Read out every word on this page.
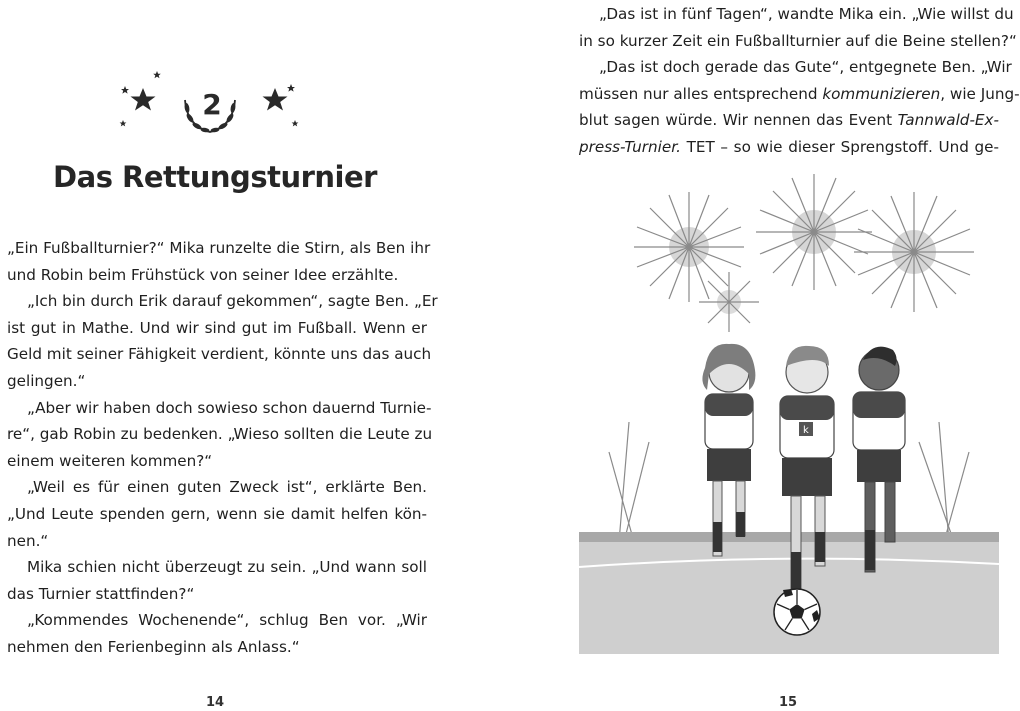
2
Das Rettungsturnier
„Ein Fußballturnier?“ Mika runzelte die Stirn, als Ben ihr
und Robin beim Frühstück von seiner Idee erzählte.
„Ich bin durch Erik darauf gekommen“, sagte Ben. „Er
ist gut in Mathe. Und wir sind gut im Fußball. Wenn er
Geld mit seiner Fähigkeit verdient, könnte uns das auch
gelingen.“
„Aber wir haben doch sowieso schon dauernd Turnie-
re“, gab Robin zu bedenken. „Wieso sollten die Leute zu
einem weiteren kommen?“
„Weil es für einen guten Zweck ist“, erklärte Ben.
„Und Leute spenden gern, wenn sie damit helfen kön-
nen.“
Mika schien nicht überzeugt zu sein. „Und wann soll
das Turnier stattfinden?“
„Kommendes Wochenende“, schlug Ben vor. „Wir
nehmen den Ferienbeginn als Anlass.“
14
„Das ist in fünf Tagen“, wandte Mika ein. „Wie willst du
in so kurzer Zeit ein Fußballturnier auf die Beine stellen?“
„Das ist doch gerade das Gute“, entgegnete Ben. „Wir
müssen nur alles entsprechend kommunizieren, wie Jung-
blut sagen würde. Wir nennen das Event Tannwald-Ex-
press-Turnier. TET – so wie dieser Sprengstoff. Und ge-
k
15
